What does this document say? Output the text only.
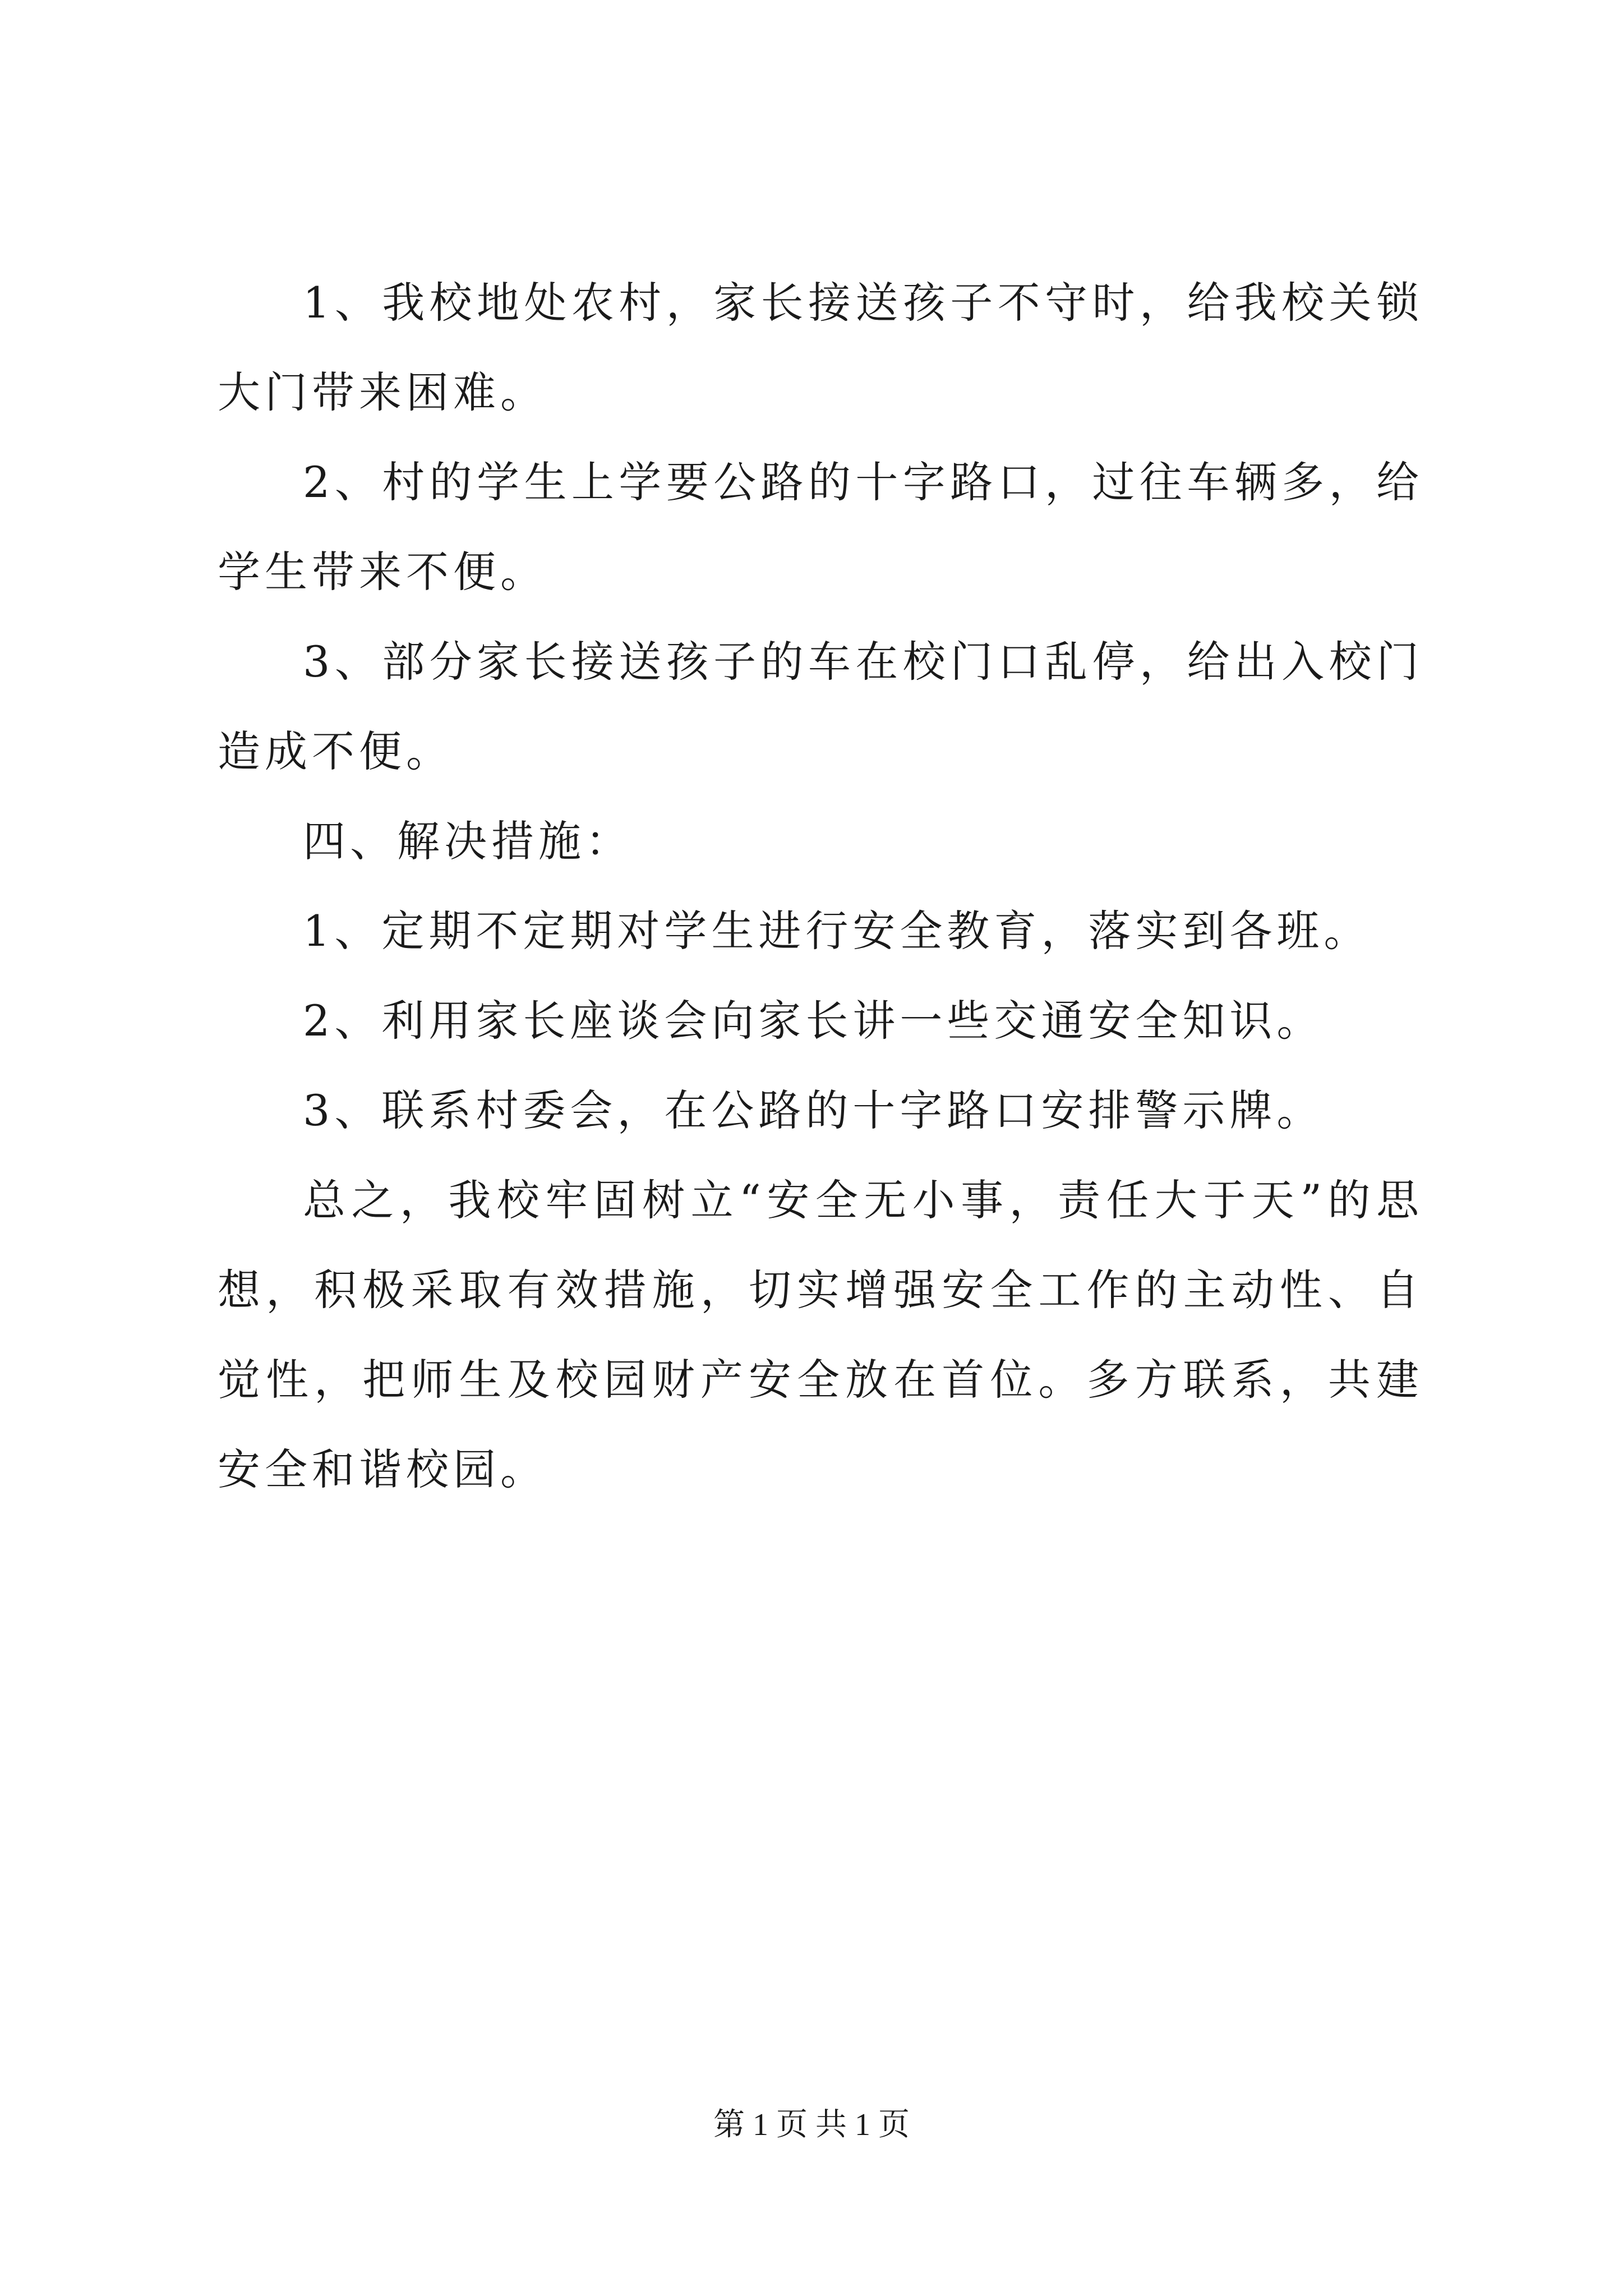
1、我校地处农村，家长接送孩子不守时，给我校关锁大门带来困难。

2、村的学生上学要公路的十字路口，过往车辆多，给学生带来不便。

3、部分家长接送孩子的车在校门口乱停，给出入校门造成不便。

四、解决措施：

1、定期不定期对学生进行安全教育，落实到各班。

2、利用家长座谈会向家长讲一些交通安全知识。

3、联系村委会，在公路的十字路口安排警示牌。

总之，我校牢固树立“安全无小事，责任大于天”的思想，积极采取有效措施，切实增强安全工作的主动性、自觉性，把师生及校园财产安全放在首位。多方联系，共建安全和谐校园。

第 1 页 共 1 页
